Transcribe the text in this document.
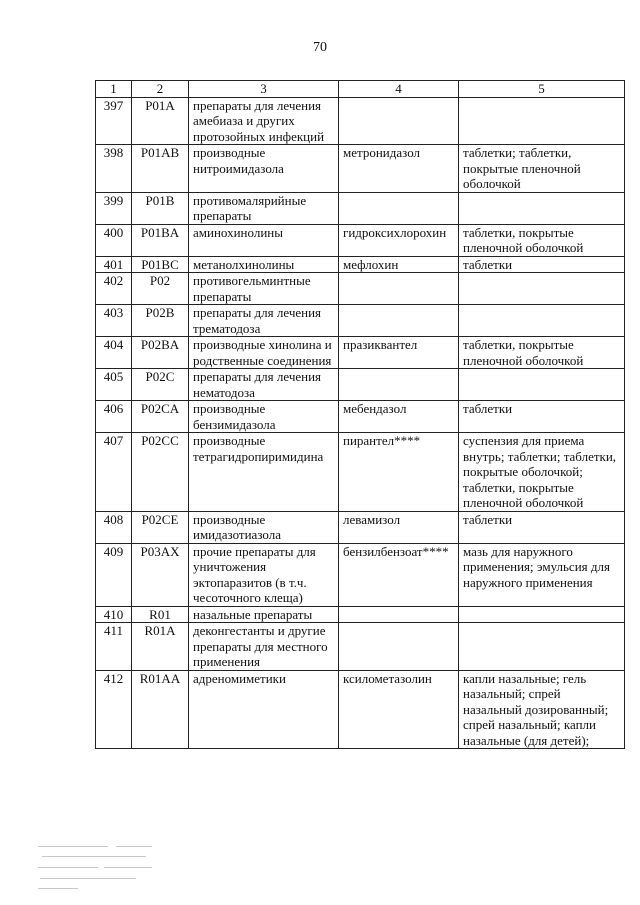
70
1	2	3	4	5
397	P01A	препараты для лечения амебиаза и других протозойных инфекций		
398	P01AB	производные нитроимидазола	метронидазол	таблетки; таблетки, покрытые пленочной оболочкой
399	P01B	противомалярийные препараты		
400	P01BA	аминохинолины	гидроксихлорохин	таблетки, покрытые пленочной оболочкой
401	P01BC	метанолхинолины	мефлохин	таблетки
402	P02	противогельминтные препараты		
403	P02B	препараты для лечения трематодоза		
404	P02BA	производные хинолина и родственные соединения	празиквантел	таблетки, покрытые пленочной оболочкой
405	P02C	препараты для лечения нематодоза		
406	P02CA	производные бензимидазола	мебендазол	таблетки
407	P02CC	производные тетрагидропиримидина	пирантел****	суспензия для приема внутрь; таблетки; таблетки, покрытые оболочкой; таблетки, покрытые пленочной оболочкой
408	P02CE	производные имидазотиазола	левамизол	таблетки
409	P03AX	прочие препараты для уничтожения эктопаразитов (в т.ч. чесоточного клеща)	бензилбензоат****	мазь для наружного применения; эмульсия для наружного применения
410	R01	назальные препараты		
411	R01A	деконгестанты и другие препараты для местного применения		
412	R01AA	адреномиметики	ксилометазолин	капли назальные; гель назальный; спрей назальный дозированный; спрей назальный; капли назальные (для детей);
